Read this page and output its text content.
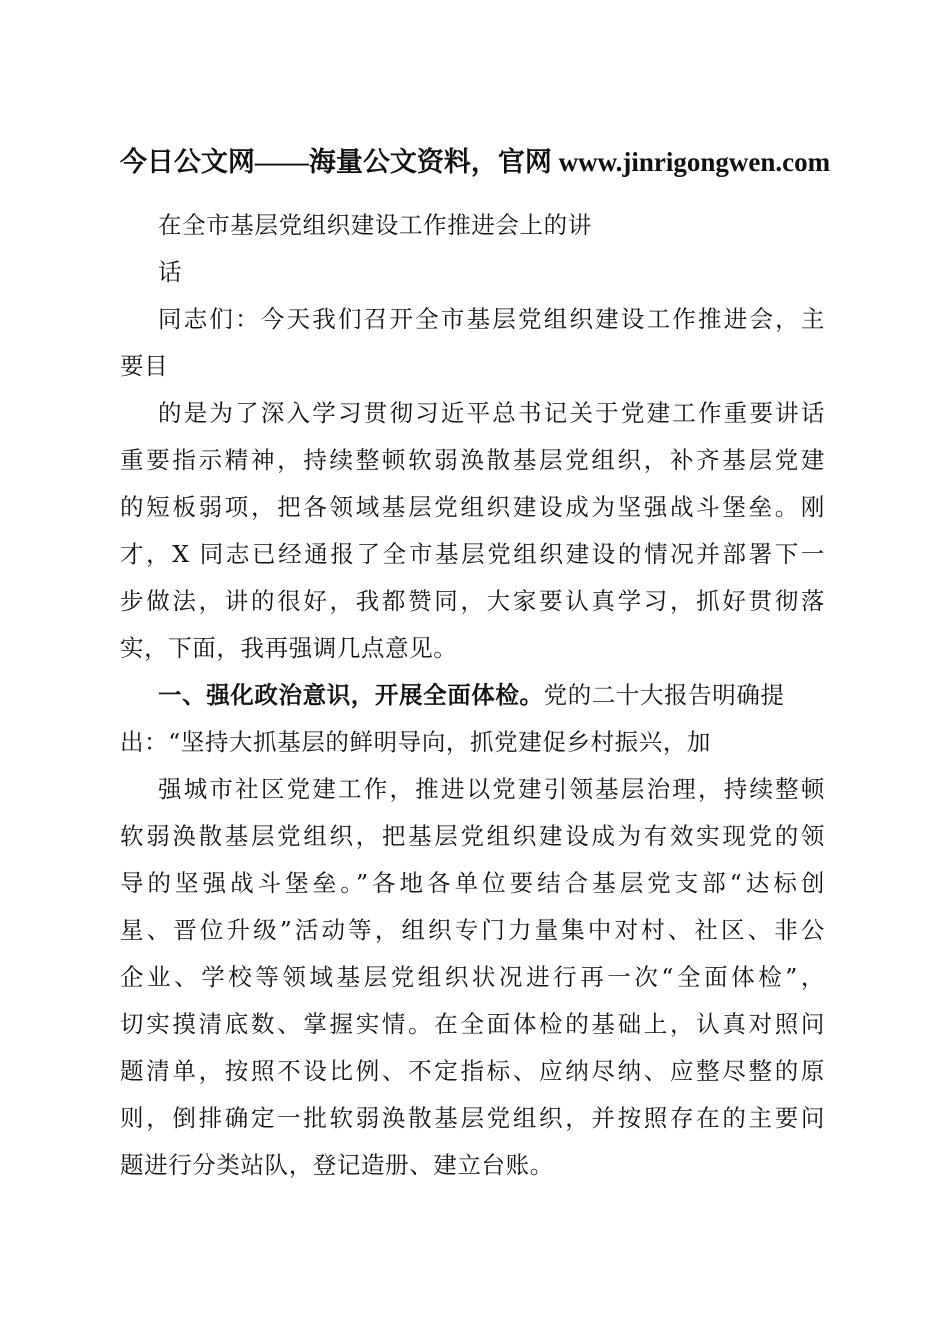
今日公文网——海量公文资料，官网 www.jinrigongwen.com
在全市基层党组织建设工作推进会上的讲
话
同志们：今天我们召开全市基层党组织建设工作推进会，主
要目
的是为了深入学习贯彻习近平总书记关于党建工作重要讲话
重要指示精神，持续整顿软弱涣散基层党组织，补齐基层党建
的短板弱项，把各领域基层党组织建设成为坚强战斗堡垒。刚
才，X 同志已经通报了全市基层党组织建设的情况并部署下一
步做法，讲的很好，我都赞同，大家要认真学习，抓好贯彻落
实，下面，我再强调几点意见。
一、强化政治意识，开展全面体检。党的二十大报告明确提
出：“坚持大抓基层的鲜明导向，抓党建促乡村振兴，加
强城市社区党建工作，推进以党建引领基层治理，持续整顿
软弱涣散基层党组织，把基层党组织建设成为有效实现党的领
导的坚强战斗堡垒。”各地各单位要结合基层党支部“达标创
星、晋位升级”活动等，组织专门力量集中对村、社区、非公
企业、学校等领域基层党组织状况进行再一次“全面体检”，
切实摸清底数、掌握实情。在全面体检的基础上，认真对照问
题清单，按照不设比例、不定指标、应纳尽纳、应整尽整的原
则，倒排确定一批软弱涣散基层党组织，并按照存在的主要问
题进行分类站队，登记造册、建立台账。
